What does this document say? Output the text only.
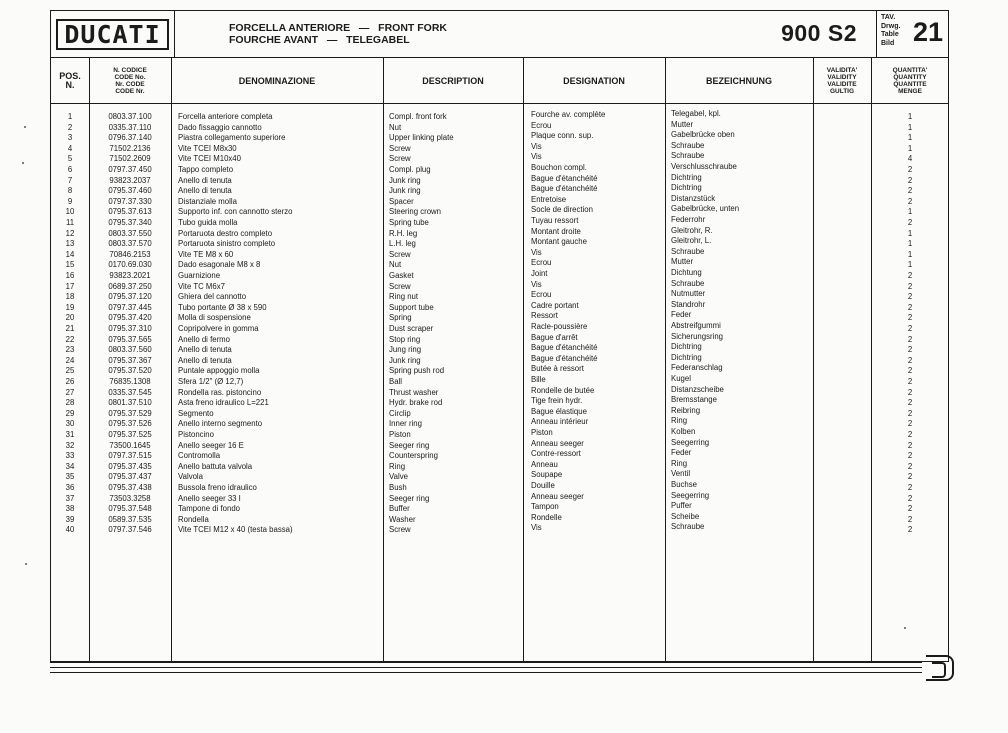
DUCATI	FORCELLA ANTERIORE — FRONT FORK
FOURCHE AVANT — TELEGABEL	900 S2
TAV.
Drwg.
Table
Bild 21
POS.
N.
N. CODICE
CODE No.
Nr. CODE
CODE Nr.
DENOMINAZIONE	DESCRIPTION	DESIGNATION	BEZEICHNUNG
VALIDITA'
VALIDITY
VALIDITE
GULTIG
QUANTITA'
QUANTITY
QUANTITE
MENGE
1	0803.37.100	Forcella anteriore completa	Compl. front fork	Fourche av. complète	Telegabel, kpl.	1
2	0335.37.110	Dado fissaggio cannotto	Nut	Ecrou	Mutter	1
3	0796.37.140	Piastra collegamento superiore	Upper linking plate	Plaque conn. sup.	Gabelbrücke oben	1
4	71502.2136	Vite TCEI M8x30	Screw	Vis	Schraube	1
5	71502.2609	Vite TCEI M10x40	Screw	Vis	Schraube	4
6	0797.37.450	Tappo completo	Compl. plug	Bouchon compl.	Verschlusschraube	2
7	93823.2037	Anello di tenuta	Junk ring	Bague d'étanchéité	Dichtring	2
8	0795.37.460	Anello di tenuta	Junk ring	Bague d'étanchéité	Dichtring	2
9	0797.37.330	Distanziale molla	Spacer	Entretoise	Distanzstück	2
10	0795.37.613	Supporto inf. con cannotto sterzo	Steering crown	Socle de direction	Gabelbrücke, unten	1
11	0795.37.340	Tubo guida molla	Spring tube	Tuyau ressort	Federrohr	2
12	0803.37.550	Portaruota destro completo	R.H. leg	Montant droite	Gleitrohr, R.	1
13	0803.37.570	Portaruota sinistro completo	L.H. leg	Montant gauche	Gleitrohr, L.	1
14	70846.2153	Vite TE M8 x 60	Screw	Vis	Schraube	1
15	0170.69.030	Dado esagonale M8 x 8	Nut	Ecrou	Mutter	1
16	93823.2021	Guarnizione	Gasket	Joint	Dichtung	2
17	0689.37.250	Vite TC M6x7	Screw	Vis	Schraube	2
18	0795.37.120	Ghiera del cannotto	Ring nut	Ecrou	Nutmutter	2
19	0797.37.445	Tubo portante Ø 38 x 590	Support tube	Cadre portant	Standrohr	2
20	0795.37.420	Molla di sospensione	Spring	Ressort	Feder	2
21	0795.37.310	Copripolvere in gomma	Dust scraper	Racle-poussière	Abstreifgummi	2
22	0795.37.565	Anello di fermo	Stop ring	Bague d'arrêt	Sicherungsring	2
23	0803.37.560	Anello di tenuta	Jung ring	Bague d'étanchéité	Dichtring	2
24	0795.37.367	Anello di tenuta	Junk ring	Bague d'étanchéité	Dichtring	2
25	0795.37.520	Puntale appoggio molla	Spring push rod	Butée à ressort	Federanschlag	2
26	76835.1308	Sfera 1/2" (Ø 12,7)	Ball	Bille	Kugel	2
27	0335.37.545	Rondella ras. pistoncino	Thrust washer	Rondelle de butée	Distanzscheibe	2
28	0801.37.510	Asta freno idraulico L=221	Hydr. brake rod	Tige frein hydr.	Bremsstange	2
29	0795.37.529	Segmento	Circlip	Bague élastique	Reibring	2
30	0795.37.526	Anello interno segmento	Inner ring	Anneau intérieur	Ring	2
31	0795.37.525	Pistoncino	Piston	Piston	Kolben	2
32	73500.1645	Anello seeger 16 E	Seeger ring	Anneau seeger	Seegerring	2
33	0797.37.515	Contromolla	Counterspring	Contre-ressort	Feder	2
34	0795.37.435	Anello battuta valvola	Ring	Anneau	Ring	2
35	0795.37.437	Valvola	Valve	Soupape	Ventil	2
36	0795.37.438	Bussola freno idraulico	Bush	Douille	Buchse	2
37	73503.3258	Anello seeger 33 I	Seeger ring	Anneau seeger	Seegerring	2
38	0795.37.548	Tampone di fondo	Buffer	Tampon	Puffer	2
39	0589.37.535	Rondella	Washer	Rondelle	Scheibe	2
40	0797.37.546	Vite TCEI M12 x 40 (testa bassa)	Screw	Vis	Schraube	2
